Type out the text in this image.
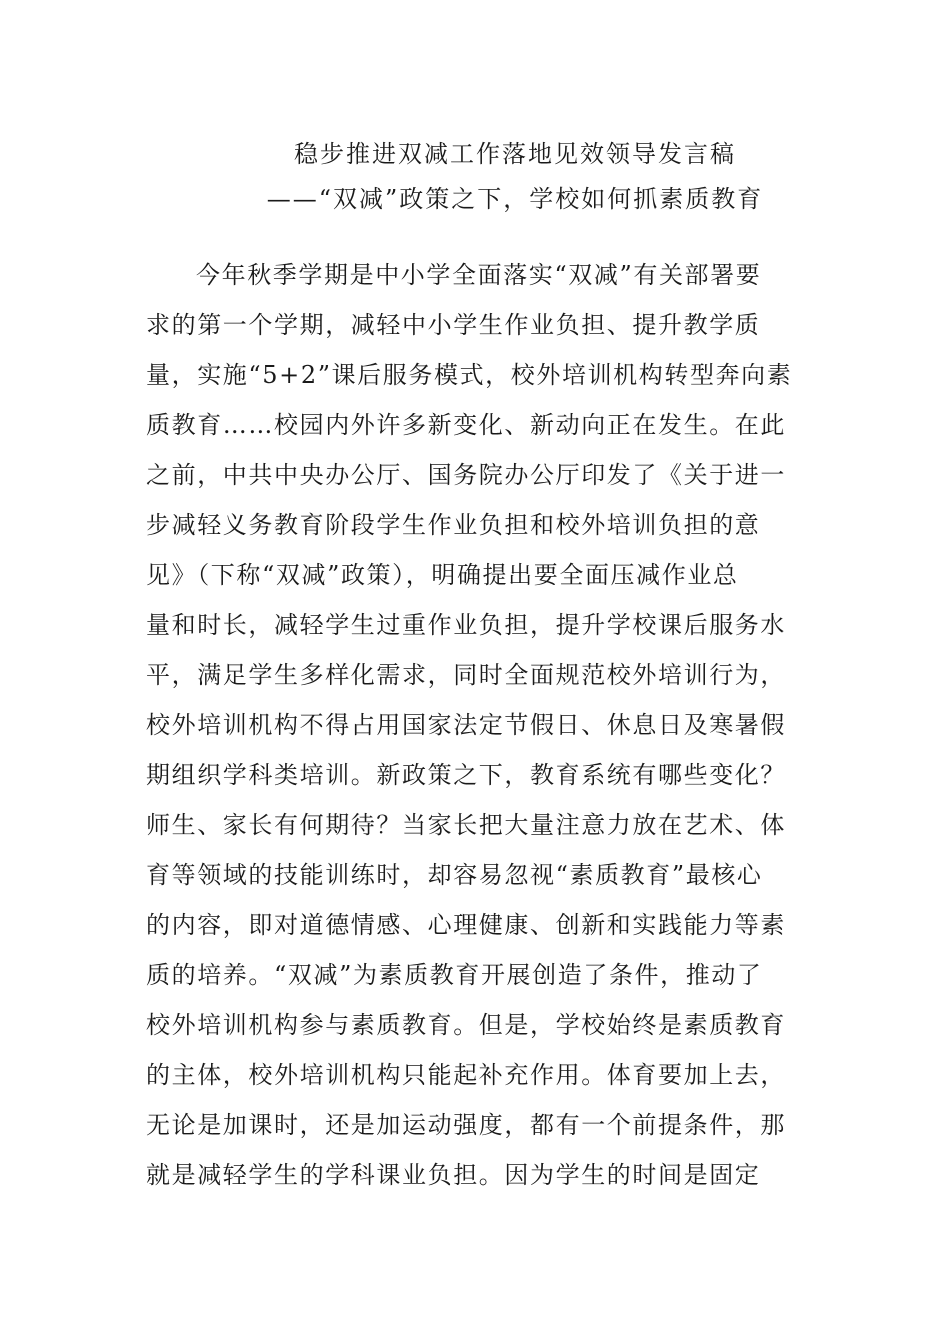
稳步推进双减工作落地见效领导发言稿
——“双减”政策之下，学校如何抓素质教育
今年秋季学期是中小学全面落实“双减”有关部署要
求的第一个学期，减轻中小学生作业负担、提升教学质
量，实施“5+2”课后服务模式，校外培训机构转型奔向素
质教育……校园内外许多新变化、新动向正在发生。在此
之前，中共中央办公厅、国务院办公厅印发了《关于进一
步减轻义务教育阶段学生作业负担和校外培训负担的意
见》（下称“双减”政策），明确提出要全面压减作业总
量和时长，减轻学生过重作业负担，提升学校课后服务水
平，满足学生多样化需求，同时全面规范校外培训行为，
校外培训机构不得占用国家法定节假日、休息日及寒暑假
期组织学科类培训。新政策之下，教育系统有哪些变化？
师生、家长有何期待？当家长把大量注意力放在艺术、体
育等领域的技能训练时，却容易忽视“素质教育”最核心
的内容，即对道德情感、心理健康、创新和实践能力等素
质的培养。“双减”为素质教育开展创造了条件，推动了
校外培训机构参与素质教育。但是，学校始终是素质教育
的主体，校外培训机构只能起补充作用。体育要加上去，
无论是加课时，还是加运动强度，都有一个前提条件，那
就是减轻学生的学科课业负担。因为学生的时间是固定
